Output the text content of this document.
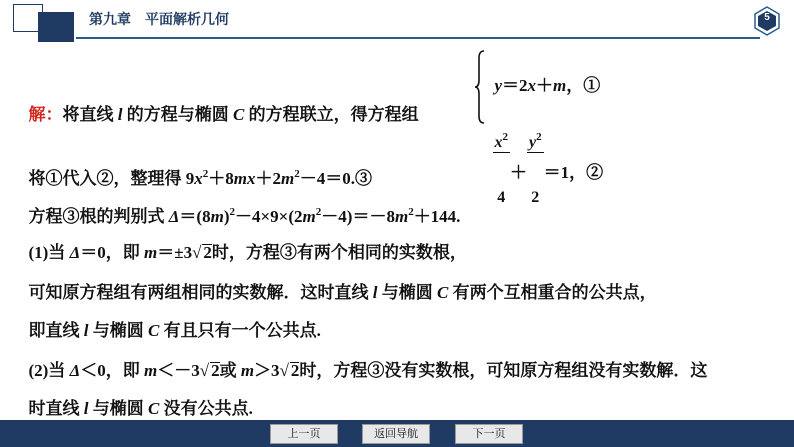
第九章　平面解析几何	5

解：将直线 l 的方程与椭圆 C 的方程联立，得方程组

y＝2x＋m，①

$\frac{x^2}{4}$ ＋
$\frac{y^2}{2} =1$，②

将①代入②，整理得 $9x^2+8mx+2m^2-4=0.③$

方程③根的判别式 $\Delta=(8m)^2-4\times 9\times(2m^2-4)=-8m^2+144$.

(1)当 Δ＝0，即 m＝±3√ 2时，方程③有两个相同的实数根，

可知原方程组有两组相同的实数解．这时直线 l 与椭圆 C 有两个互相重合的公共点，

即直线 l 与椭圆 C 有且只有一个公共点.

(2)当 Δ＜0，即 m＜－3√ 2或 m＞3√ 2时，方程③没有实数根，可知原方程组没有实数解．这

时直线 l 与椭圆 C 没有公共点.

上一页	返回导航	下一页
